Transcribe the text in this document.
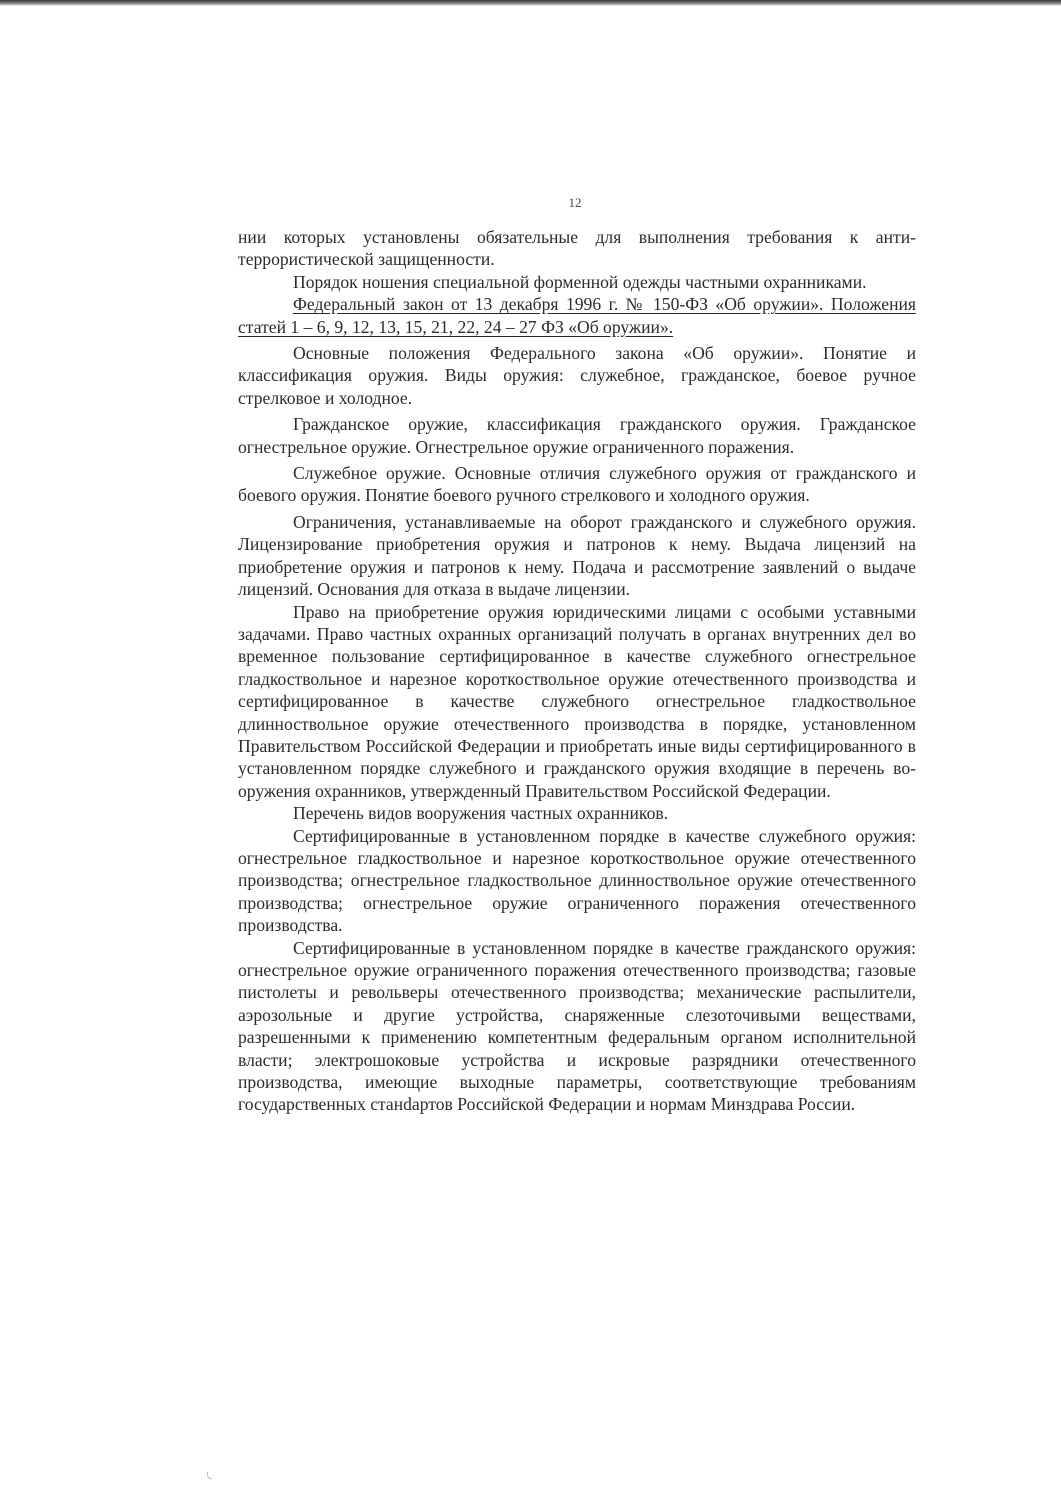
12

нии которых установлены обязательные для выполнения требования к антитеррористической защищенности.

Порядок ношения специальной форменной одежды частными охранниками.

Федеральный закон от 13 декабря 1996 г. № 150-ФЗ «Об оружии». Положения статей 1 – 6, 9, 12, 13, 15, 21, 22, 24 – 27 ФЗ «Об оружии».

Основные положения Федерального закона «Об оружии». Понятие и классификация оружия. Виды оружия: служебное, гражданское, боевое ручное стрелковое и холодное.

Гражданское оружие, классификация гражданского оружия. Гражданское огнестрельное оружие. Огнестрельное оружие ограниченного поражения.

Служебное оружие. Основные отличия служебного оружия от гражданского и боевого оружия. Понятие боевого ручного стрелкового и холодного оружия.

Ограничения, устанавливаемые на оборот гражданского и служебного оружия. Лицензирование приобретения оружия и патронов к нему. Выдача лицензий на приобретение оружия и патронов к нему. Подача и рассмотрение заявлений о выдаче лицензий. Основания для отказа в выдаче лицензии.

Право на приобретение оружия юридическими лицами с особыми уставными задачами. Право частных охранных организаций получать в органах внутренних дел во временное пользование сертифицированное в качестве служебного огнестрельное гладкоствольное и нарезное короткоствольное оружие отечественного производства и сертифицированное в качестве служебного огнестрельное гладкоствольное длинноствольное оружие отечественного производства в порядке, установленном Правительством Российской Федерации и приобретать иные виды сертифицированного в установленном порядке служебного и гражданского оружия входящие в перечень вооружения охранников, утвержденный Правительством Российской Федерации.

Перечень видов вооружения частных охранников.

Сертифицированные в установленном порядке в качестве служебного оружия: огнестрельное гладкоствольное и нарезное короткоствольное оружие отечественного производства; огнестрельное гладкоствольное длинноствольное оружие отечественного производства; огнестрельное оружие ограниченного поражения отечественного производства.

Сертифицированные в установленном порядке в качестве гражданского оружия: огнестрельное оружие ограниченного поражения отечественного производства; газовые пистолеты и револьверы отечественного производства; механические распылители, аэрозольные и другие устройства, снаряженные слезоточивыми веществами, разрешенными к применению компетентным федеральным органом исполнительной власти; электрошоковые устройства и искровые разрядники отечественного производства, имеющие выходные параметры, соответствующие требованиям государственных станdартов Российской Федерации и нормам Минздрава России.
